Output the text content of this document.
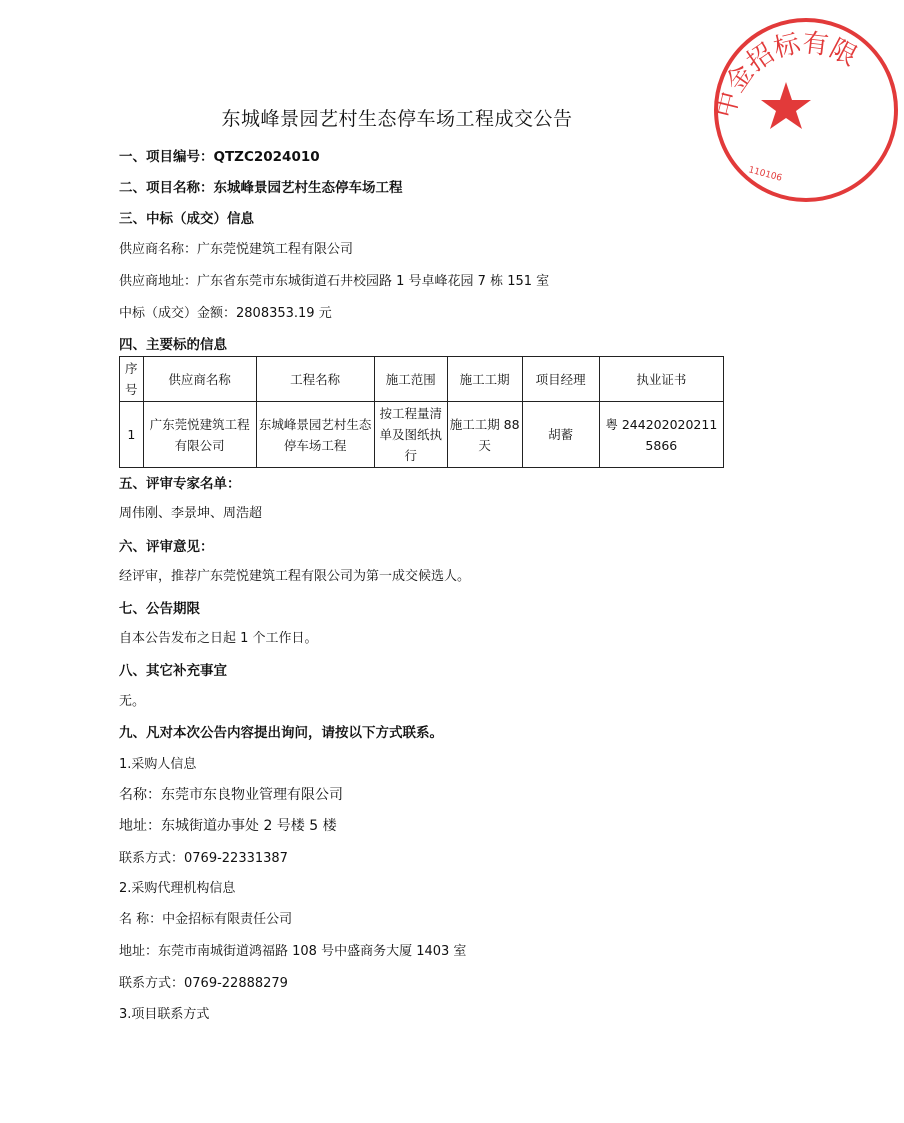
中金招标有限
110106
东城峰景园艺村生态停车场工程成交公告
一、项目编号：QTZC2024010
二、项目名称：东城峰景园艺村生态停车场工程
三、中标（成交）信息
供应商名称：广东莞悦建筑工程有限公司
供应商地址：广东省东莞市东城街道石井校园路 1 号卓峰花园 7 栋 151 室
中标（成交）金额：2808353.19 元
四、主要标的信息
序号	供应商名称	工程名称	施工范围	施工工期	项目经理	执业证书
1	广东莞悦建筑工程有限公司	东城峰景园艺村生态停车场工程	按工程量清单及图纸执行	施工工期 88 天	胡蓄	粤 2442020202115866
五、评审专家名单：
周伟刚、李景坤、周浩超
六、评审意见：
经评审，推荐广东莞悦建筑工程有限公司为第一成交候选人。
七、公告期限
自本公告发布之日起 1 个工作日。
八、其它补充事宜
无。
九、凡对本次公告内容提出询问，请按以下方式联系。
1.采购人信息
名称：东莞市东良物业管理有限公司
地址：东城街道办事处 2 号楼 5 楼
联系方式：0769-22331387
2.采购代理机构信息
名 称：中金招标有限责任公司
地址：东莞市南城街道鸿福路 108 号中盛商务大厦 1403 室
联系方式：0769-22888279
3.项目联系方式
